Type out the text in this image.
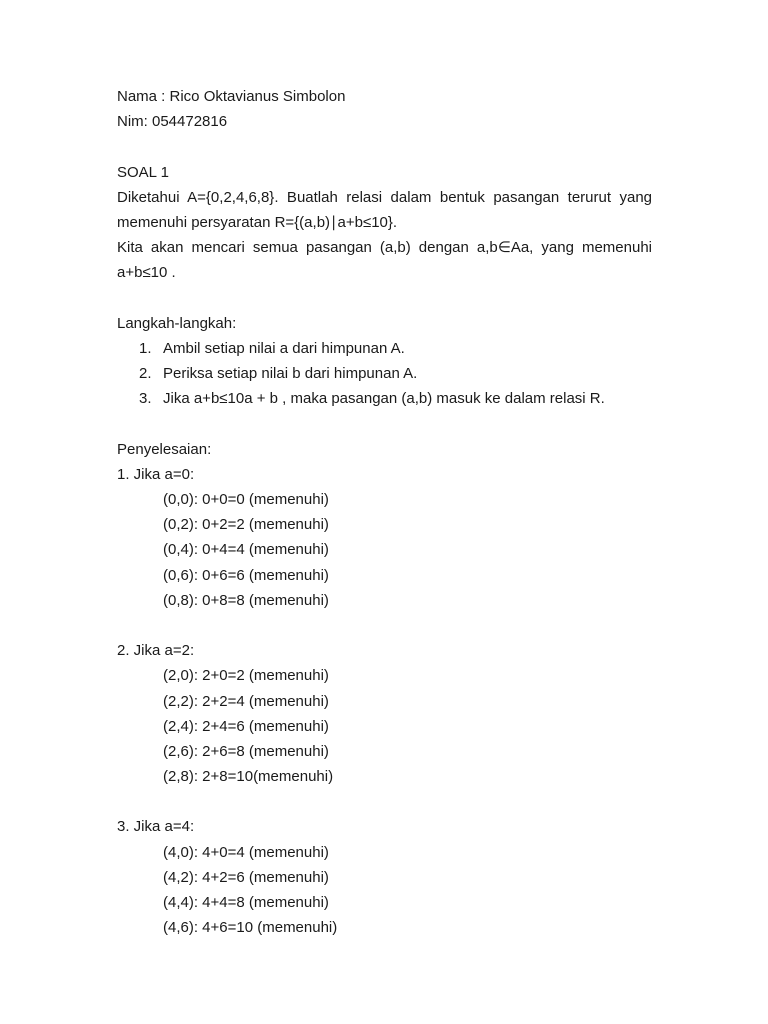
Nama : Rico Oktavianus Simbolon
Nim: 054472816
SOAL 1
Diketahui A={0,2,4,6,8}. Buatlah relasi dalam bentuk pasangan terurut yang
memenuhi persyaratan R={(a,b)∣a+b≤10}.
Kita akan mencari semua pasangan (a,b) dengan a,b∈Aa, yang memenuhi
a+b≤10 .
Langkah-langkah:
1. Ambil setiap nilai a dari himpunan A.
2. Periksa setiap nilai b dari himpunan A.
3. Jika a+b≤10a + b , maka pasangan (a,b) masuk ke dalam relasi R.
Penyelesaian:
1. Jika a=0:
(0,0): 0+0=0 (memenuhi)
(0,2): 0+2=2 (memenuhi)
(0,4): 0+4=4 (memenuhi)
(0,6): 0+6=6 (memenuhi)
(0,8): 0+8=8 (memenuhi)
2. Jika a=2:
(2,0): 2+0=2 (memenuhi)
(2,2): 2+2=4 (memenuhi)
(2,4): 2+4=6 (memenuhi)
(2,6): 2+6=8 (memenuhi)
(2,8): 2+8=10(memenuhi)
3. Jika a=4:
(4,0): 4+0=4 (memenuhi)
(4,2): 4+2=6 (memenuhi)
(4,4): 4+4=8 (memenuhi)
(4,6): 4+6=10 (memenuhi)
